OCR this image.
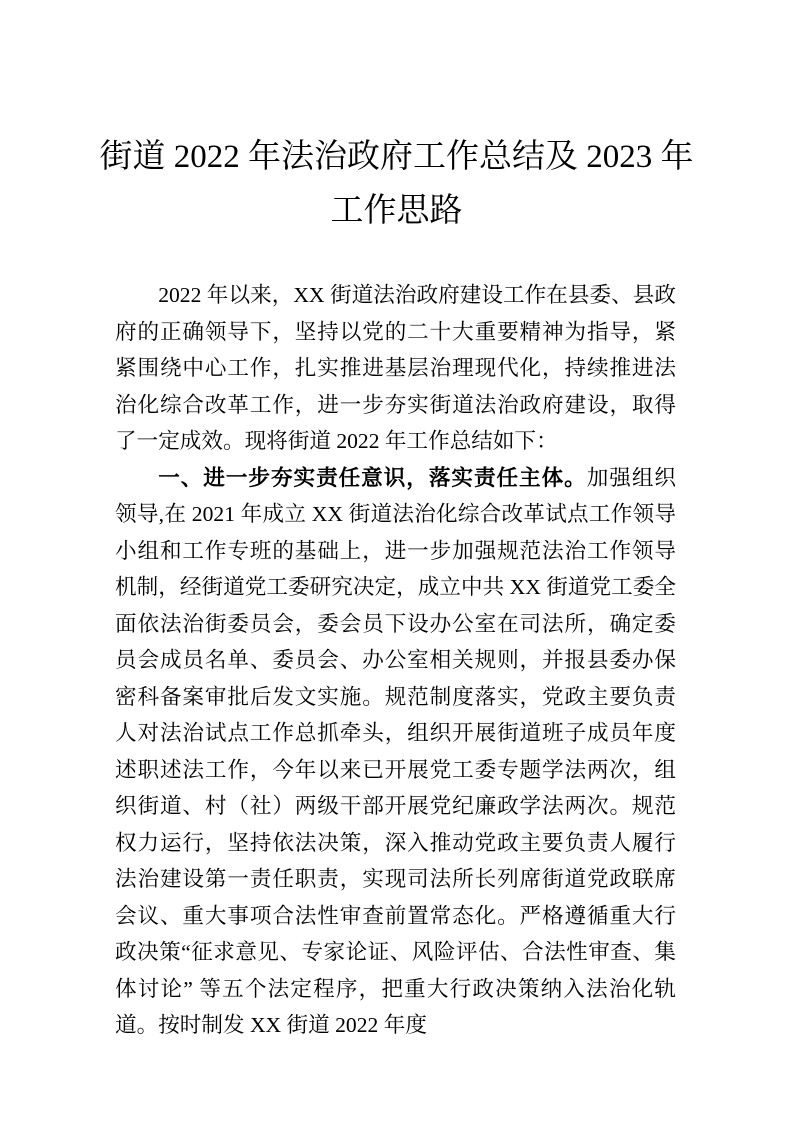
街道 2022 年法治政府工作总结及 2023 年工作思路

2022 年以来，XX 街道法治政府建设工作在县委、县政府的正确领导下，坚持以党的二十大重要精神为指导，紧紧围绕中心工作，扎实推进基层治理现代化，持续推进法治化综合改革工作，进一步夯实街道法治政府建设，取得了一定成效。现将街道 2022 年工作总结如下：

一、进一步夯实责任意识，落实责任主体。加强组织领导,在 2021 年成立 XX 街道法治化综合改革试点工作领导小组和工作专班的基础上，进一步加强规范法治工作领导机制，经街道党工委研究决定，成立中共 XX 街道党工委全面依法治街委员会，委会员下设办公室在司法所，确定委员会成员名单、委员会、办公室相关规则，并报县委办保密科备案审批后发文实施。规范制度落实，党政主要负责人对法治试点工作总抓牵头，组织开展街道班子成员年度述职述法工作，今年以来已开展党工委专题学法两次，组织街道、村（社）两级干部开展党纪廉政学法两次。规范权力运行，坚持依法决策，深入推动党政主要负责人履行法治建设第一责任职责，实现司法所长列席街道党政联席会议、重大事项合法性审查前置常态化。严格遵循重大行政决策“征求意见、专家论证、风险评估、合法性审查、集体讨论” 等五个法定程序，把重大行政决策纳入法治化轨道。按时制发 XX 街道 2022 年度
